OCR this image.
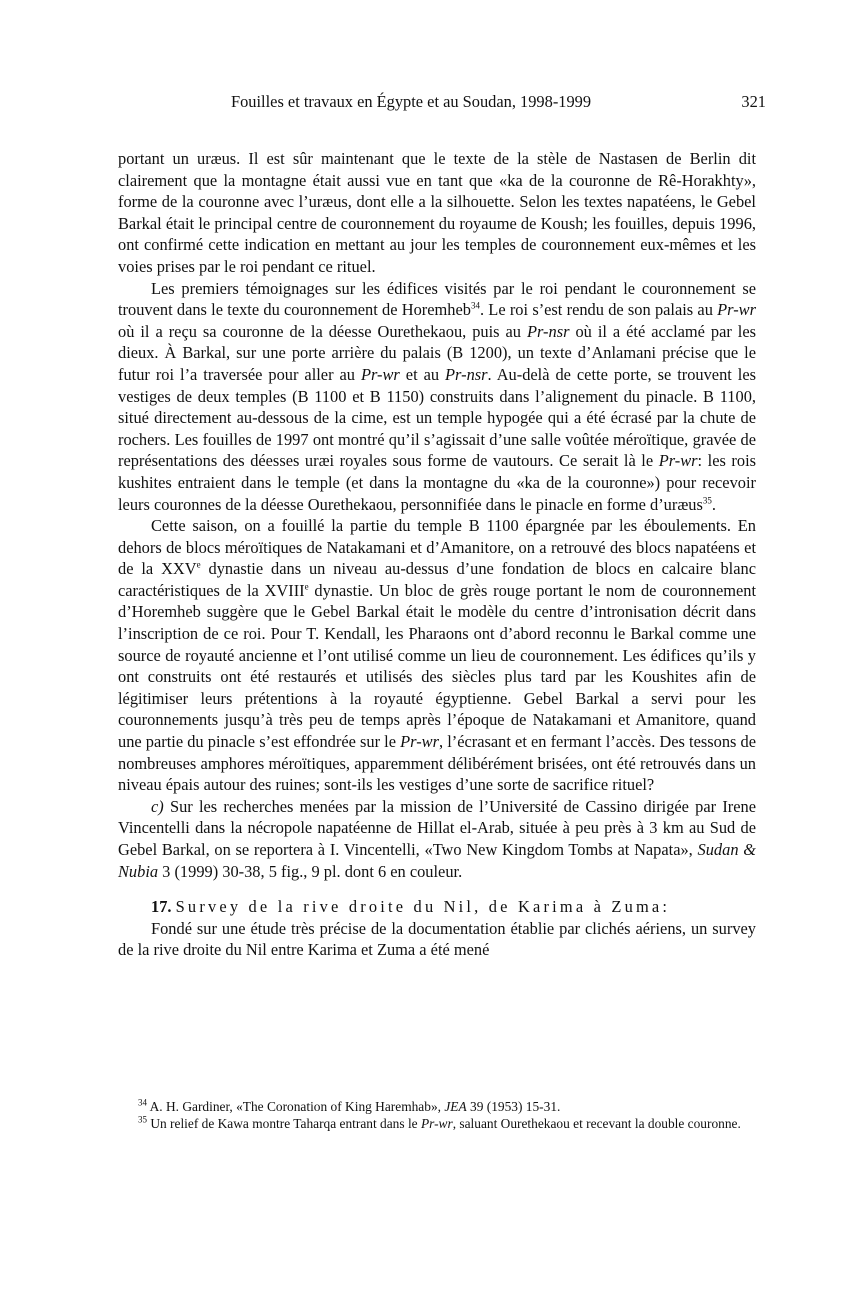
Fouilles et travaux en Égypte et au Soudan, 1998-1999	321

portant un uræus. Il est sûr maintenant que le texte de la stèle de Nastasen de Berlin dit clairement que la montagne était aussi vue en tant que «ka de la couronne de Rê-Horakhty», forme de la couronne avec l’uræus, dont elle a la silhouette. Selon les textes napatéens, le Gebel Barkal était le principal centre de couronnement du royaume de Koush; les fouilles, depuis 1996, ont confirmé cette indication en mettant au jour les temples de couronnement eux-mêmes et les voies prises par le roi pendant ce rituel.

Les premiers témoignages sur les édifices visités par le roi pendant le couronnement se trouvent dans le texte du couronnement de Horemheb$^{34}$. Le roi s’est rendu de son palais au Pr-wr où il a reçu sa couronne de la déesse Ourethekaou, puis au Pr-nsr où il a été acclamé par les dieux. À Barkal, sur une porte arrière du palais (B 1200), un texte d’Anlamani précise que le futur roi l’a traversée pour aller au Pr-wr et au Pr-nsr. Au-delà de cette porte, se trouvent les vestiges de deux temples (B 1100 et B 1150) construits dans l’alignement du pinacle. B 1100, situé directement au-dessous de la cime, est un temple hypogée qui a été écrasé par la chute de rochers. Les fouilles de 1997 ont montré qu’il s’agissait d’une salle voûtée méroïtique, gravée de représentations des déesses uræi royales sous forme de vautours. Ce serait là le Pr-wr: les rois kushites entraient dans le temple (et dans la montagne du «ka de la couronne») pour recevoir leurs couronnes de la déesse Ourethekaou, personnifiée dans le pinacle en forme d’uræus$^{35}$.

Cette saison, on a fouillé la partie du temple B 1100 épargnée par les éboulements. En dehors de blocs méroïtiques de Natakamani et d’Amanitore, on a retrouvé des blocs napatéens et de la XXVe dynastie dans un niveau au-dessus d’une fondation de blocs en calcaire blanc caractéristiques de la XVIIIe dynastie. Un bloc de grès rouge portant le nom de couronnement d’Horemheb suggère que le Gebel Barkal était le modèle du centre d’intronisation décrit dans l’inscription de ce roi. Pour T. Kendall, les Pharaons ont d’abord reconnu le Barkal comme une source de royauté ancienne et l’ont utilisé comme un lieu de couronnement. Les édifices qu’ils y ont construits ont été restaurés et utilisés des siècles plus tard par les Koushites afin de légitimiser leurs prétentions à la royauté égyptienne. Gebel Barkal a servi pour les couronnements jusqu’à très peu de temps après l’époque de Natakamani et Amanitore, quand une partie du pinacle s’est effondrée sur le Pr-wr, l’écrasant et en fermant l’accès. Des tessons de nombreuses amphores méroïtiques, apparemment délibérément brisées, ont été retrouvés dans un niveau épais autour des ruines; sont-ils les vestiges d’une sorte de sacrifice rituel?

c) Sur les recherches menées par la mission de l’Université de Cassino dirigée par Irene Vincentelli dans la nécropole napatéenne de Hillat el-Arab, située à peu près à 3 km au Sud de Gebel Barkal, on se reportera à I. Vincentelli, «Two New Kingdom Tombs at Napata», Sudan & Nubia 3 (1999) 30-38, 5 fig., 9 pl. dont 6 en couleur.

17. Survey de la rive droite du Nil, de Karima à Zuma:

Fondé sur une étude très précise de la documentation établie par clichés aériens, un survey de la rive droite du Nil entre Karima et Zuma a été mené

$^{34}$ A. H. Gardiner, «The Coronation of King Haremhab», JEA 39 (1953) 15-31.

$^{35}$ Un relief de Kawa montre Taharqa entrant dans le Pr-wr, saluant Ourethekaou et recevant la double couronne.
